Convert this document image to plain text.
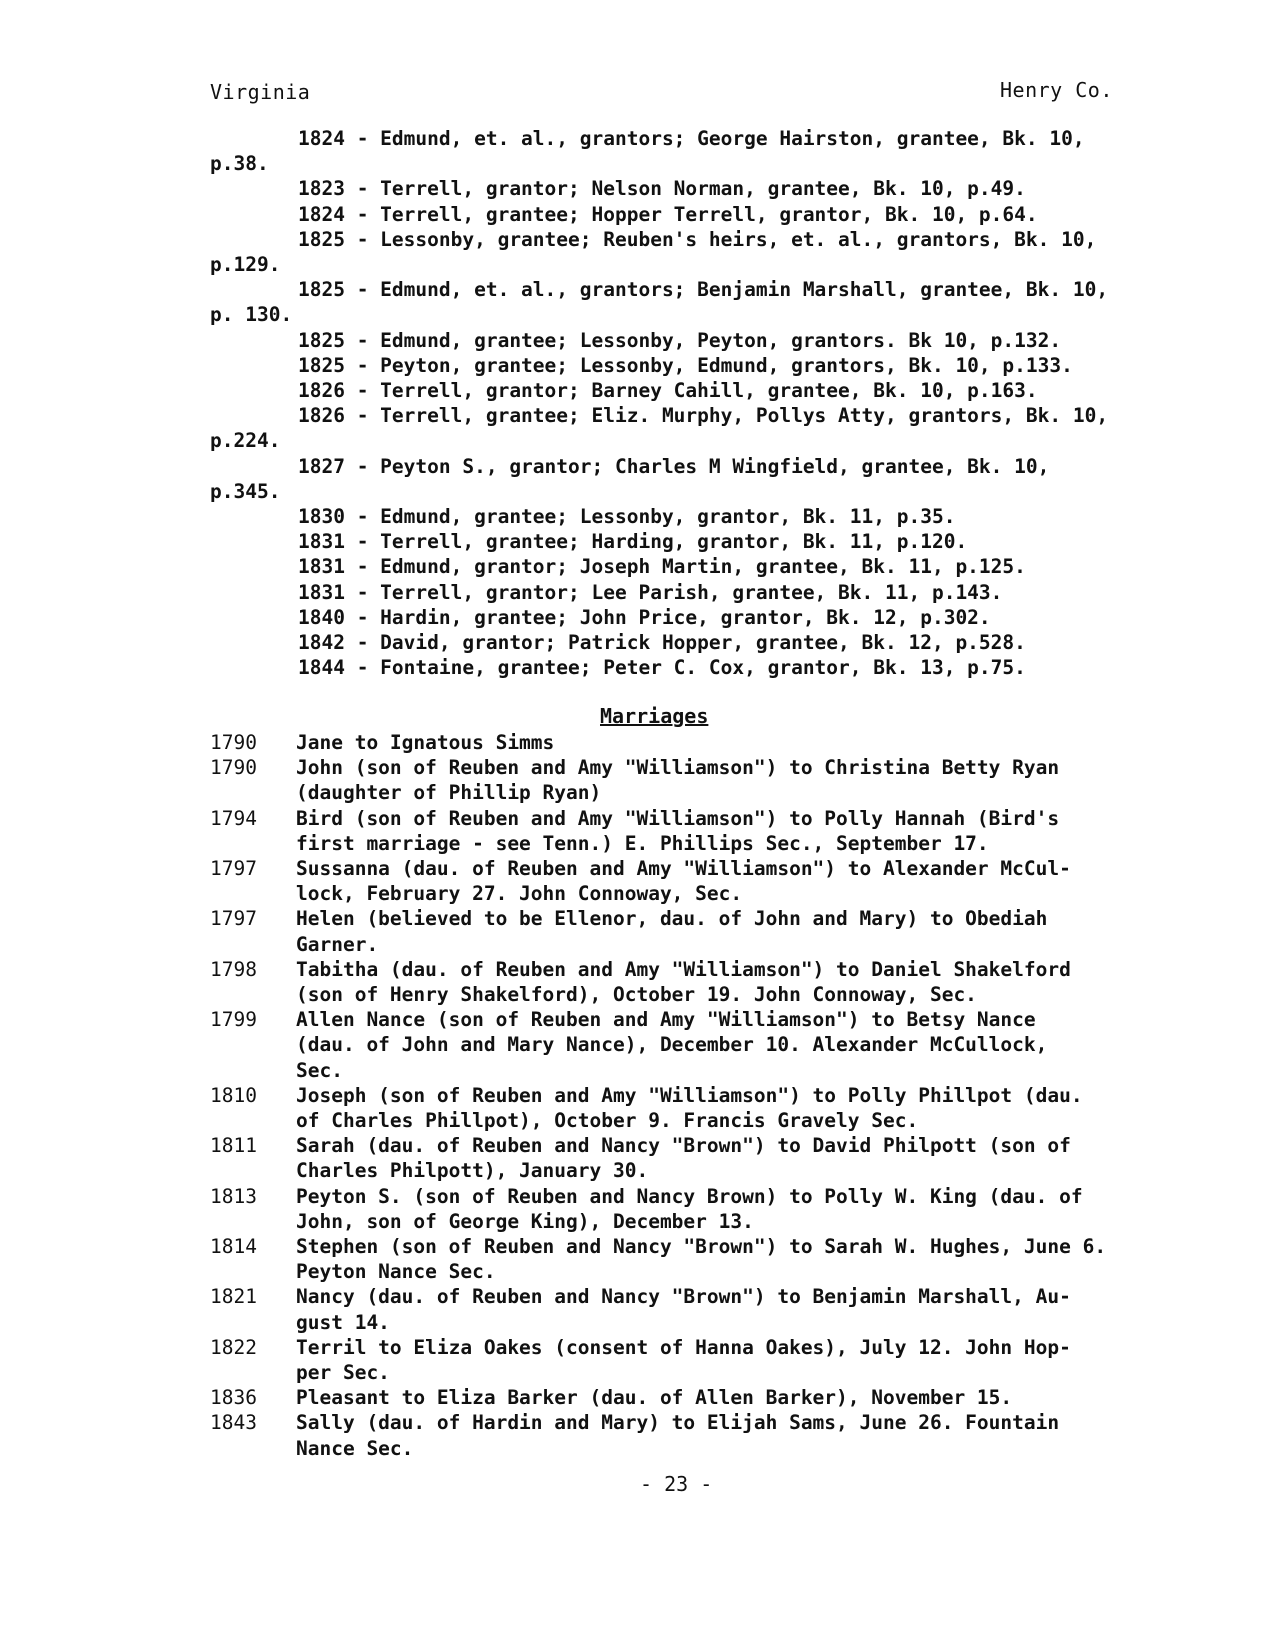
Virginia	Henry Co.
1824 - Edmund, et. al., grantors; George Hairston, grantee, Bk. 10,
p.38.
1823 - Terrell, grantor; Nelson Norman, grantee, Bk. 10, p.49.
1824 - Terrell, grantee; Hopper Terrell, grantor, Bk. 10, p.64.
1825 - Lessonby, grantee; Reuben's heirs, et. al., grantors, Bk. 10,
p.129.
1825 - Edmund, et. al., grantors; Benjamin Marshall, grantee, Bk. 10,
p. 130.
1825 - Edmund, grantee; Lessonby, Peyton, grantors. Bk 10, p.132.
1825 - Peyton, grantee; Lessonby, Edmund, grantors, Bk. 10, p.133.
1826 - Terrell, grantor; Barney Cahill, grantee, Bk. 10, p.163.
1826 - Terrell, grantee; Eliz. Murphy, Pollys Atty, grantors, Bk. 10,
p.224.
1827 - Peyton S., grantor; Charles M Wingfield, grantee, Bk. 10,
p.345.
1830 - Edmund, grantee; Lessonby, grantor, Bk. 11, p.35.
1831 - Terrell, grantee; Harding, grantor, Bk. 11, p.120.
1831 - Edmund, grantor; Joseph Martin, grantee, Bk. 11, p.125.
1831 - Terrell, grantor; Lee Parish, grantee, Bk. 11, p.143.
1840 - Hardin, grantee; John Price, grantor, Bk. 12, p.302.
1842 - David, grantor; Patrick Hopper, grantee, Bk. 12, p.528.
1844 - Fontaine, grantee; Peter C. Cox, grantor, Bk. 13, p.75.
Marriages
1790	Jane to Ignatous Simms
1790	John (son of Reuben and Amy "Williamson") to Christina Betty Ryan
(daughter of Phillip Ryan)
1794	Bird (son of Reuben and Amy "Williamson") to Polly Hannah (Bird's
first marriage - see Tenn.) E. Phillips Sec., September 17.
1797	Sussanna (dau. of Reuben and Amy "Williamson") to Alexander McCul-
lock, February 27. John Connoway, Sec.
1797	Helen (believed to be Ellenor, dau. of John and Mary) to Obediah
Garner.
1798	Tabitha (dau. of Reuben and Amy "Williamson") to Daniel Shakelford
(son of Henry Shakelford), October 19. John Connoway, Sec.
1799	Allen Nance (son of Reuben and Amy "Williamson") to Betsy Nance
(dau. of John and Mary Nance), December 10. Alexander McCullock,
Sec.
1810	Joseph (son of Reuben and Amy "Williamson") to Polly Phillpot (dau.
of Charles Phillpot), October 9. Francis Gravely Sec.
1811	Sarah (dau. of Reuben and Nancy "Brown") to David Philpott (son of
Charles Philpott), January 30.
1813	Peyton S. (son of Reuben and Nancy Brown) to Polly W. King (dau. of
John, son of George King), December 13.
1814	Stephen (son of Reuben and Nancy "Brown") to Sarah W. Hughes, June 6.
Peyton Nance Sec.
1821	Nancy (dau. of Reuben and Nancy "Brown") to Benjamin Marshall, Au-
gust 14.
1822	Terril to Eliza Oakes (consent of Hanna Oakes), July 12. John Hop-
per Sec.
1836	Pleasant to Eliza Barker (dau. of Allen Barker), November 15.
1843	Sally (dau. of Hardin and Mary) to Elijah Sams, June 26. Fountain
Nance Sec.
- 23 -
